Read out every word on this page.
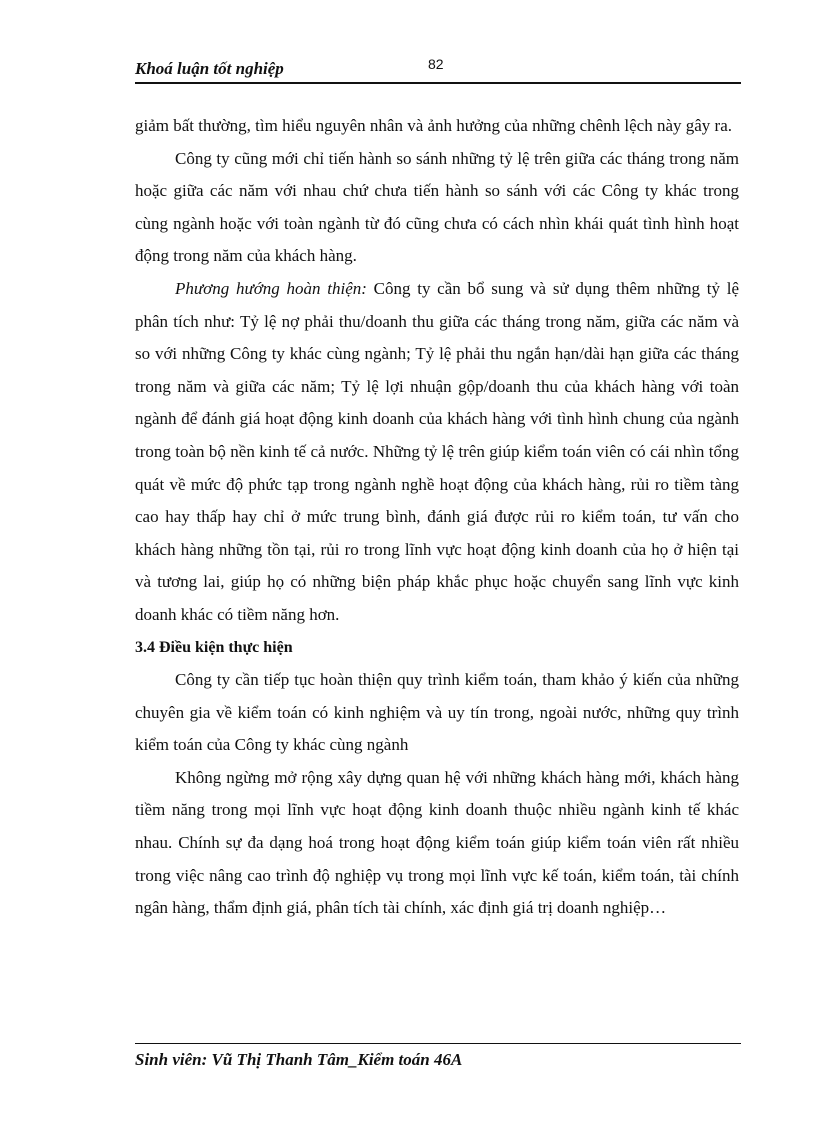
Khoá luận tốt nghiệp	82

giảm bất thường, tìm hiểu nguyên nhân và ảnh hưởng của những chênh lệch này gây ra.

Công ty cũng mới chỉ tiến hành so sánh những tỷ lệ trên giữa các tháng trong năm hoặc giữa các năm với nhau chứ chưa tiến hành so sánh với các Công ty khác trong cùng ngành hoặc với toàn ngành từ đó cũng chưa có cách nhìn khái quát tình hình hoạt động trong năm của khách hàng.

Phương hướng hoàn thiện: Công ty cần bổ sung và sử dụng thêm những tỷ lệ phân tích như: Tỷ lệ nợ phải thu/doanh thu giữa các tháng trong năm, giữa các năm và so với những Công ty khác cùng ngành; Tỷ lệ phải thu ngắn hạn/dài hạn giữa các tháng trong năm và giữa các năm; Tỷ lệ lợi nhuận gộp/doanh thu của khách hàng với toàn ngành để đánh giá hoạt động kinh doanh của khách hàng với tình hình chung của ngành trong toàn bộ nền kinh tế cả nước. Những tỷ lệ trên giúp kiểm toán viên có cái nhìn tổng quát về mức độ phức tạp trong ngành nghề hoạt động của khách hàng, rủi ro tiềm tàng cao hay thấp hay chỉ ở mức trung bình, đánh giá được rủi ro kiểm toán, tư vấn cho khách hàng những tồn tại, rủi ro trong lĩnh vực hoạt động kinh doanh của họ ở hiện tại và tương lai, giúp họ có những biện pháp khắc phục hoặc chuyển sang lĩnh vực kinh doanh khác có tiềm năng hơn.

3.4 Điều kiện thực hiện

Công ty cần tiếp tục hoàn thiện quy trình kiểm toán, tham khảo ý kiến của những chuyên gia về kiểm toán có kinh nghiệm và uy tín trong, ngoài nước, những quy trình kiểm toán của Công ty khác cùng ngành

Không ngừng mở rộng xây dựng quan hệ với những khách hàng mới, khách hàng tiềm năng trong mọi lĩnh vực hoạt động kinh doanh thuộc nhiều ngành kinh tế khác nhau. Chính sự đa dạng hoá trong hoạt động kiểm toán giúp kiểm toán viên rất nhiều trong việc nâng cao trình độ nghiệp vụ trong mọi lĩnh vực kế toán, kiểm toán, tài chính ngân hàng, thẩm định giá, phân tích tài chính, xác định giá trị doanh nghiệp…

Sinh viên: Vũ Thị Thanh Tâm_Kiểm toán 46A
